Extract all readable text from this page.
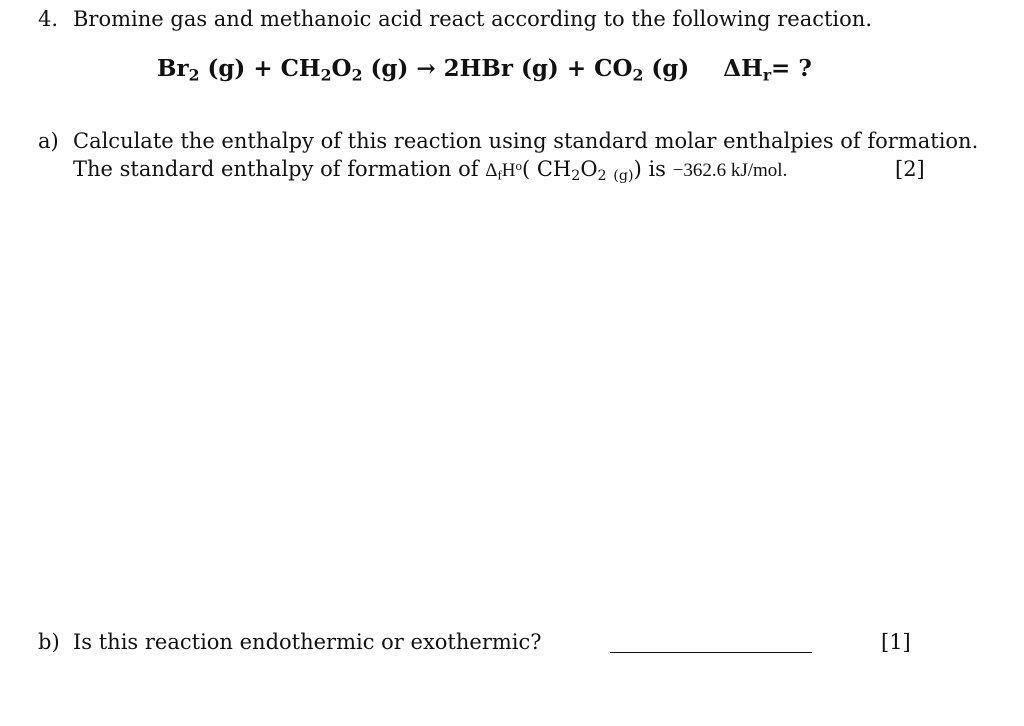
4. Bromine gas and methanoic acid react according to the following reaction.
$Br_2$ $(g) + CH_2O_2$ (g) → 2HBr $(g) + CO_2$ (g) $\Delta H_r=$ ?
a) Calculate the enthalpy of this reaction using standard molar enthalpies of formation.
The standard enthalpy of formation of $\Delta_fH^o$( $CH_2O_2$ $_{(g)}$) is −362.6 kJ/mol.	[2]
b) Is this reaction endothermic or exothermic?	[1]
